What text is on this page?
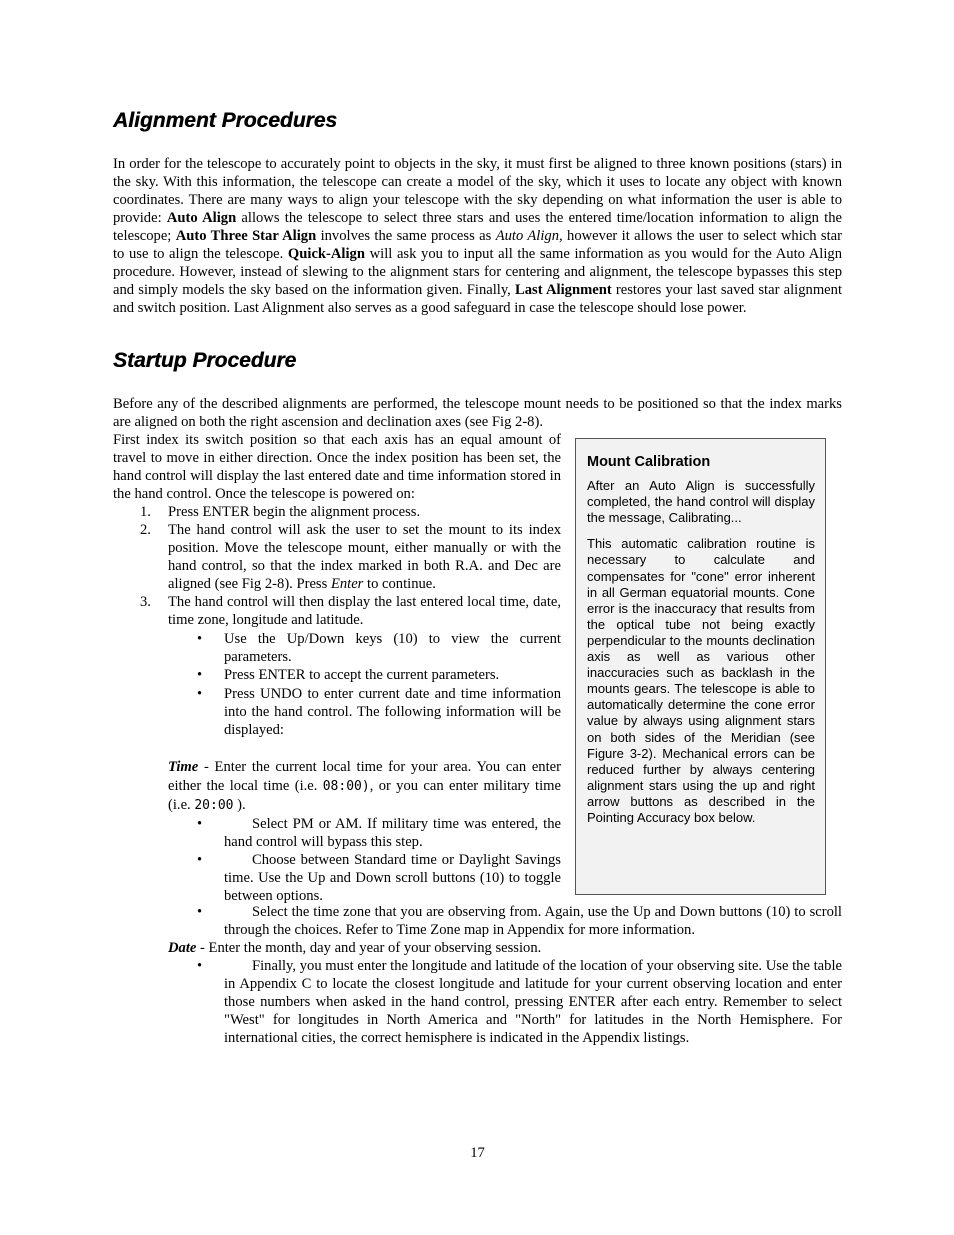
Alignment Procedures

In order for the telescope to accurately point to objects in the sky, it must first be aligned to three known positions (stars) in the sky. With this information, the telescope can create a model of the sky, which it uses to locate any object with known coordinates. There are many ways to align your telescope with the sky depending on what information the user is able to provide: Auto Align allows the telescope to select three stars and uses the entered time/location information to align the telescope; Auto Three Star Align involves the same process as Auto Align, however it allows the user to select which star to use to align the telescope. Quick-Align will ask you to input all the same information as you would for the Auto Align procedure. However, instead of slewing to the alignment stars for centering and alignment, the telescope bypasses this step and simply models the sky based on the information given. Finally, Last Alignment restores your last saved star alignment and switch position. Last Alignment also serves as a good safeguard in case the telescope should lose power.

Startup Procedure

Before any of the described alignments are performed, the telescope mount needs to be positioned so that the index marks are aligned on both the right ascension and declination axes (see Fig 2-8).

First index its switch position so that each axis has an equal amount of travel to move in either direction. Once the index position has been set, the hand control will display the last entered date and time information stored in the hand control. Once the telescope is powered on:

1. Press ENTER begin the alignment process.
2. The hand control will ask the user to set the mount to its index position. Move the telescope mount, either manually or with the hand control, so that the index marked in both R.A. and Dec are aligned (see Fig 2-8). Press Enter to continue.
3. The hand control will then display the last entered local time, date, time zone, longitude and latitude.
• Use the Up/Down keys (10) to view the current parameters.
• Press ENTER to accept the current parameters.
• Press UNDO to enter current date and time information into the hand control. The following information will be displayed:

Time - Enter the current local time for your area. You can enter either the local time (i.e. 08:00), or you can enter military time (i.e. 20:00 ).

•	Select PM or AM. If military time was entered, the hand control will bypass this step.
•	Choose between Standard time or Daylight Savings time. Use the Up and Down scroll buttons (10) to toggle between options.
•	Select the time zone that you are observing from. Again, use the Up and Down buttons (10) to scroll through the choices. Refer to Time Zone map in Appendix for more information.

Date - Enter the month, day and year of your observing session.

•	Finally, you must enter the longitude and latitude of the location of your observing site. Use the table in Appendix C to locate the closest longitude and latitude for your current observing location and enter those numbers when asked in the hand control, pressing ENTER after each entry. Remember to select "West" for longitudes in North America and "North" for latitudes in the North Hemisphere. For international cities, the correct hemisphere is indicated in the Appendix listings.
17
Mount Calibration

After an Auto Align is successfully completed, the hand control will display the message, Calibrating...

This automatic calibration routine is necessary to calculate and compensates for "cone" error inherent in all German equatorial mounts. Cone error is the inaccuracy that results from the optical tube not being exactly perpendicular to the mounts declination axis as well as various other inaccuracies such as backlash in the mounts gears. The telescope is able to automatically determine the cone error value by always using alignment stars on both sides of the Meridian (see Figure 3-2). Mechanical errors can be reduced further by always centering alignment stars using the up and right arrow buttons as described in the Pointing Accuracy box below.
